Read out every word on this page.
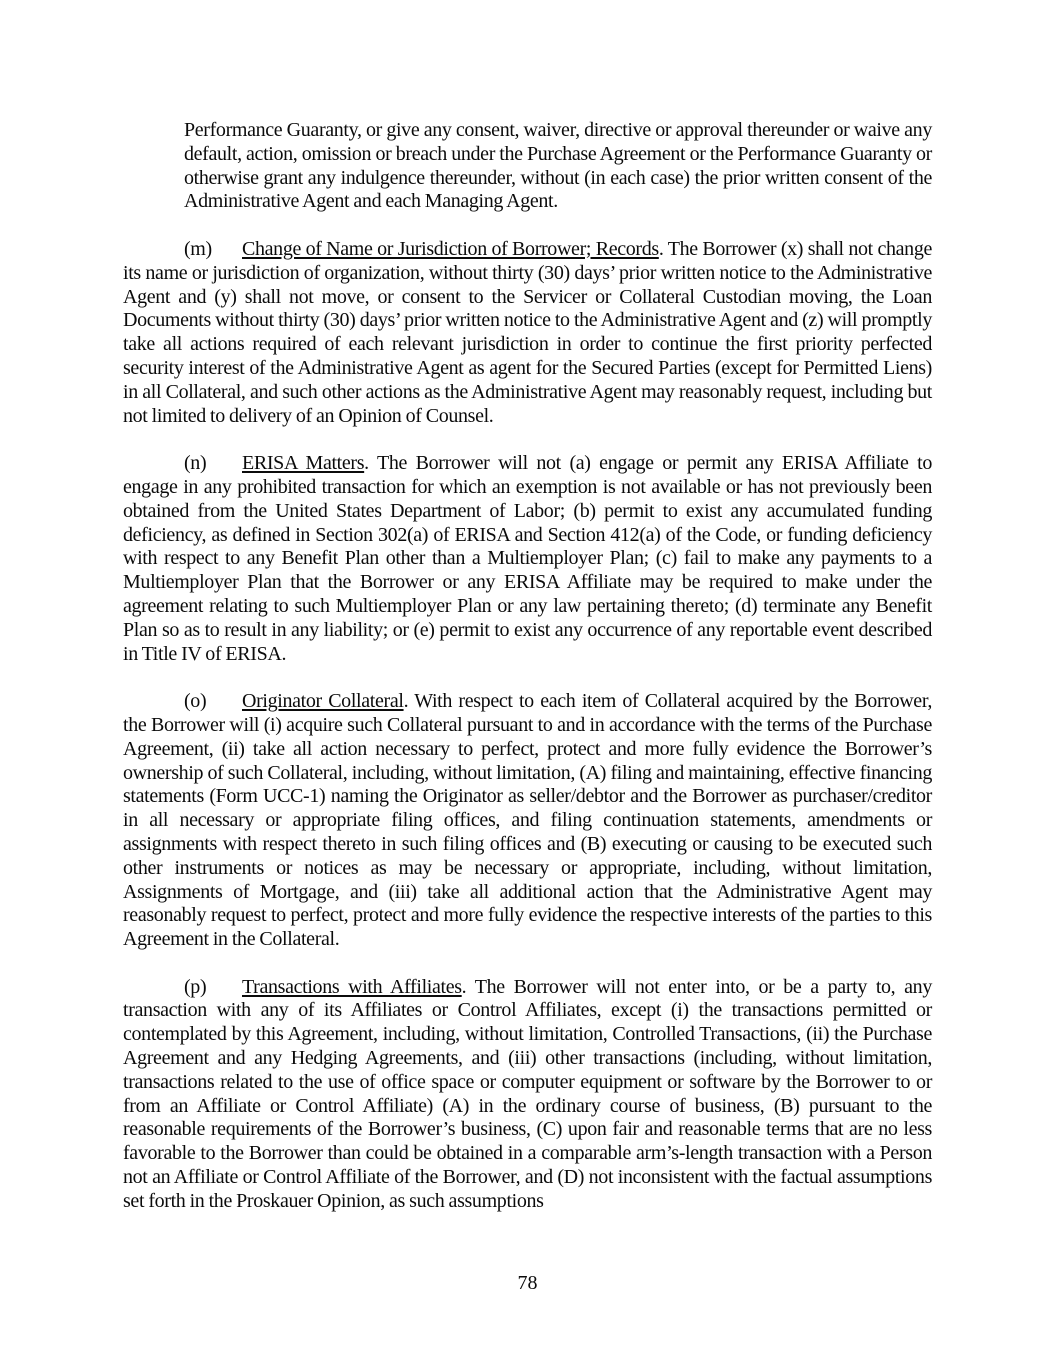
Performance Guaranty, or give any consent, waiver, directive or approval thereunder or waive any default, action, omission or breach under the Purchase Agreement or the Performance Guaranty or otherwise grant any indulgence thereunder, without (in each case) the prior written consent of the Administrative Agent and each Managing Agent.

(m) Change of Name or Jurisdiction of Borrower; Records. The Borrower (x) shall not change its name or jurisdiction of organization, without thirty (30) days’ prior written notice to the Administrative Agent and (y) shall not move, or consent to the Servicer or Collateral Custodian moving, the Loan Documents without thirty (30) days’ prior written notice to the Administrative Agent and (z) will promptly take all actions required of each relevant jurisdiction in order to continue the first priority perfected security interest of the Administrative Agent as agent for the Secured Parties (except for Permitted Liens) in all Collateral, and such other actions as the Administrative Agent may reasonably request, including but not limited to delivery of an Opinion of Counsel.

(n) ERISA Matters. The Borrower will not (a) engage or permit any ERISA Affiliate to engage in any prohibited transaction for which an exemption is not available or has not previously been obtained from the United States Department of Labor; (b) permit to exist any accumulated funding deficiency, as defined in Section 302(a) of ERISA and Section 412(a) of the Code, or funding deficiency with respect to any Benefit Plan other than a Multiemployer Plan; (c) fail to make any payments to a Multiemployer Plan that the Borrower or any ERISA Affiliate may be required to make under the agreement relating to such Multiemployer Plan or any law pertaining thereto; (d) terminate any Benefit Plan so as to result in any liability; or (e) permit to exist any occurrence of any reportable event described in Title IV of ERISA.

(o) Originator Collateral. With respect to each item of Collateral acquired by the Borrower, the Borrower will (i) acquire such Collateral pursuant to and in accordance with the terms of the Purchase Agreement, (ii) take all action necessary to perfect, protect and more fully evidence the Borrower’s ownership of such Collateral, including, without limitation, (A) filing and maintaining, effective financing statements (Form UCC-1) naming the Originator as seller/debtor and the Borrower as purchaser/creditor in all necessary or appropriate filing offices, and filing continuation statements, amendments or assignments with respect thereto in such filing offices and (B) executing or causing to be executed such other instruments or notices as may be necessary or appropriate, including, without limitation, Assignments of Mortgage, and (iii) take all additional action that the Administrative Agent may reasonably request to perfect, protect and more fully evidence the respective interests of the parties to this Agreement in the Collateral.

(p) Transactions with Affiliates. The Borrower will not enter into, or be a party to, any transaction with any of its Affiliates or Control Affiliates, except (i) the transactions permitted or contemplated by this Agreement, including, without limitation, Controlled Transactions, (ii) the Purchase Agreement and any Hedging Agreements, and (iii) other transactions (including, without limitation, transactions related to the use of office space or computer equipment or software by the Borrower to or from an Affiliate or Control Affiliate) (A) in the ordinary course of business, (B) pursuant to the reasonable requirements of the Borrower’s business, (C) upon fair and reasonable terms that are no less favorable to the Borrower than could be obtained in a comparable arm’s-length transaction with a Person not an Affiliate or Control Affiliate of the Borrower, and (D) not inconsistent with the factual assumptions set forth in the Proskauer Opinion, as such assumptions

78
